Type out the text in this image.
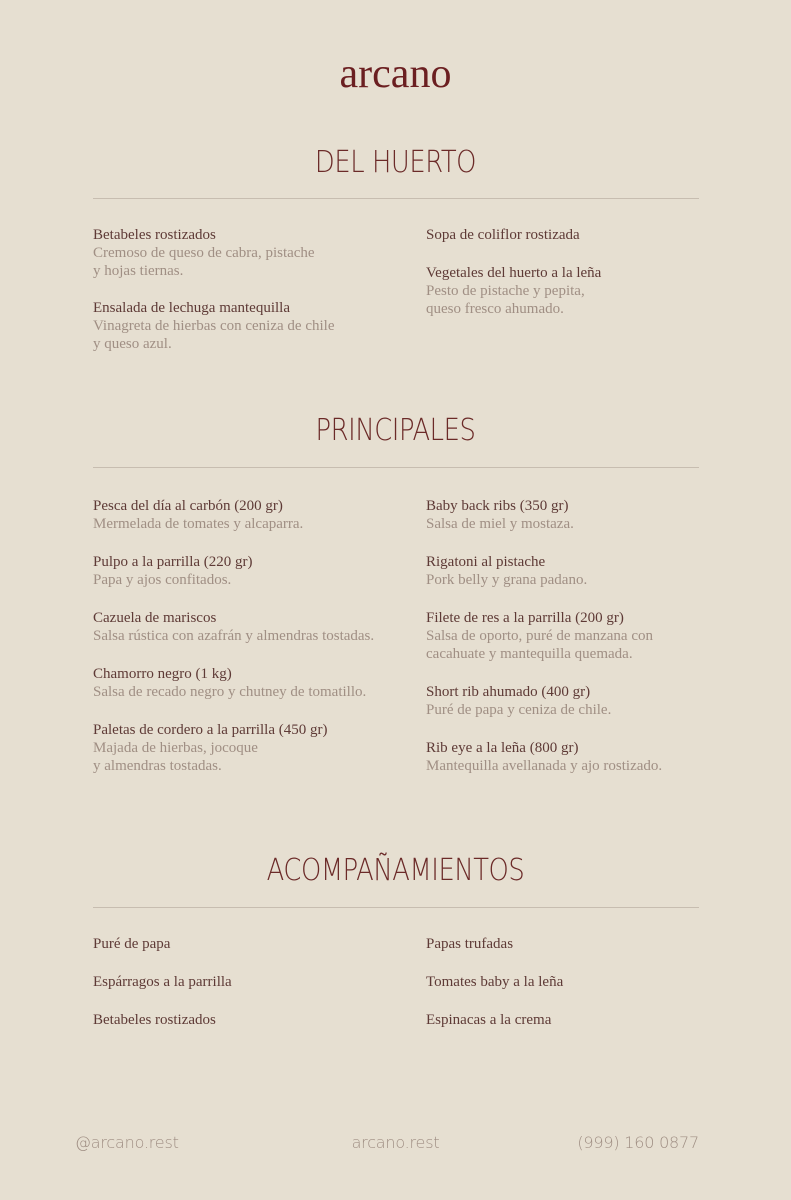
arcano
DEL HUERTO
Betabeles rostizados
Cremoso de queso de cabra, pistache
y hojas tiernas.
Ensalada de lechuga mantequilla
Vinagreta de hierbas con ceniza de chile
y queso azul.
Sopa de coliflor rostizada
Vegetales del huerto a la leña
Pesto de pistache y pepita,
queso fresco ahumado.
PRINCIPALES
Pesca del día al carbón (200 gr)
Mermelada de tomates y alcaparra.
Pulpo a la parrilla (220 gr)
Papa y ajos confitados.
Cazuela de mariscos
Salsa rústica con azafrán y almendras tostadas.
Chamorro negro (1 kg)
Salsa de recado negro y chutney de tomatillo.
Paletas de cordero a la parrilla (450 gr)
Majada de hierbas, jocoque
y almendras tostadas.
Baby back ribs (350 gr)
Salsa de miel y mostaza.
Rigatoni al pistache
Pork belly y grana padano.
Filete de res a la parrilla (200 gr)
Salsa de oporto, puré de manzana con
cacahuate y mantequilla quemada.
Short rib ahumado (400 gr)
Puré de papa y ceniza de chile.
Rib eye a la leña (800 gr)
Mantequilla avellanada y ajo rostizado.
ACOMPAÑAMIENTOS
Puré de papa
Espárragos a la parrilla
Betabeles rostizados
Papas trufadas
Tomates baby a la leña
Espinacas a la crema
@arcano.rest	arcano.rest	(999) 160 0877
